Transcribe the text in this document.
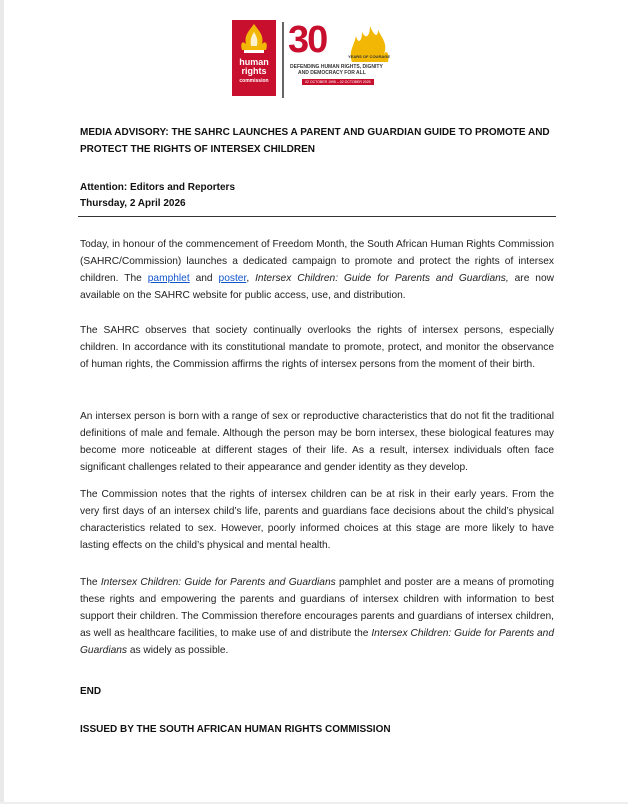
human
rights
commission
30	YEARS OF COURAGE
DEFENDING HUMAN RIGHTS, DIGNITY
AND DEMOCRACY FOR ALL
02 OCTOBER 1995 – 02 OCTOBER 2025
MEDIA ADVISORY: THE SAHRC LAUNCHES A PARENT AND GUARDIAN GUIDE TO PROMOTE AND PROTECT THE RIGHTS OF INTERSEX CHILDREN
Attention: Editors and Reporters
Thursday, 2 April 2026
Today, in honour of the commencement of Freedom Month, the South African Human Rights Commission (SAHRC/Commission) launches a dedicated campaign to promote and protect the rights of intersex children. The pamphlet and poster, Intersex Children: Guide for Parents and Guardians, are now available on the SAHRC website for public access, use, and distribution.
The SAHRC observes that society continually overlooks the rights of intersex persons, especially children. In accordance with its constitutional mandate to promote, protect, and monitor the observance of human rights, the Commission affirms the rights of intersex persons from the moment of their birth.
An intersex person is born with a range of sex or reproductive characteristics that do not fit the traditional definitions of male and female. Although the person may be born intersex, these biological features may become more noticeable at different stages of their life. As a result, intersex individuals often face significant challenges related to their appearance and gender identity as they develop.
The Commission notes that the rights of intersex children can be at risk in their early years. From the very first days of an intersex child’s life, parents and guardians face decisions about the child’s physical characteristics related to sex. However, poorly informed choices at this stage are more likely to have lasting effects on the child’s physical and mental health.
The Intersex Children: Guide for Parents and Guardians pamphlet and poster are a means of promoting these rights and empowering the parents and guardians of intersex children with information to best support their children. The Commission therefore encourages parents and guardians of intersex children, as well as healthcare facilities, to make use of and distribute the Intersex Children: Guide for Parents and Guardians as widely as possible.
END
ISSUED BY THE SOUTH AFRICAN HUMAN RIGHTS COMMISSION
